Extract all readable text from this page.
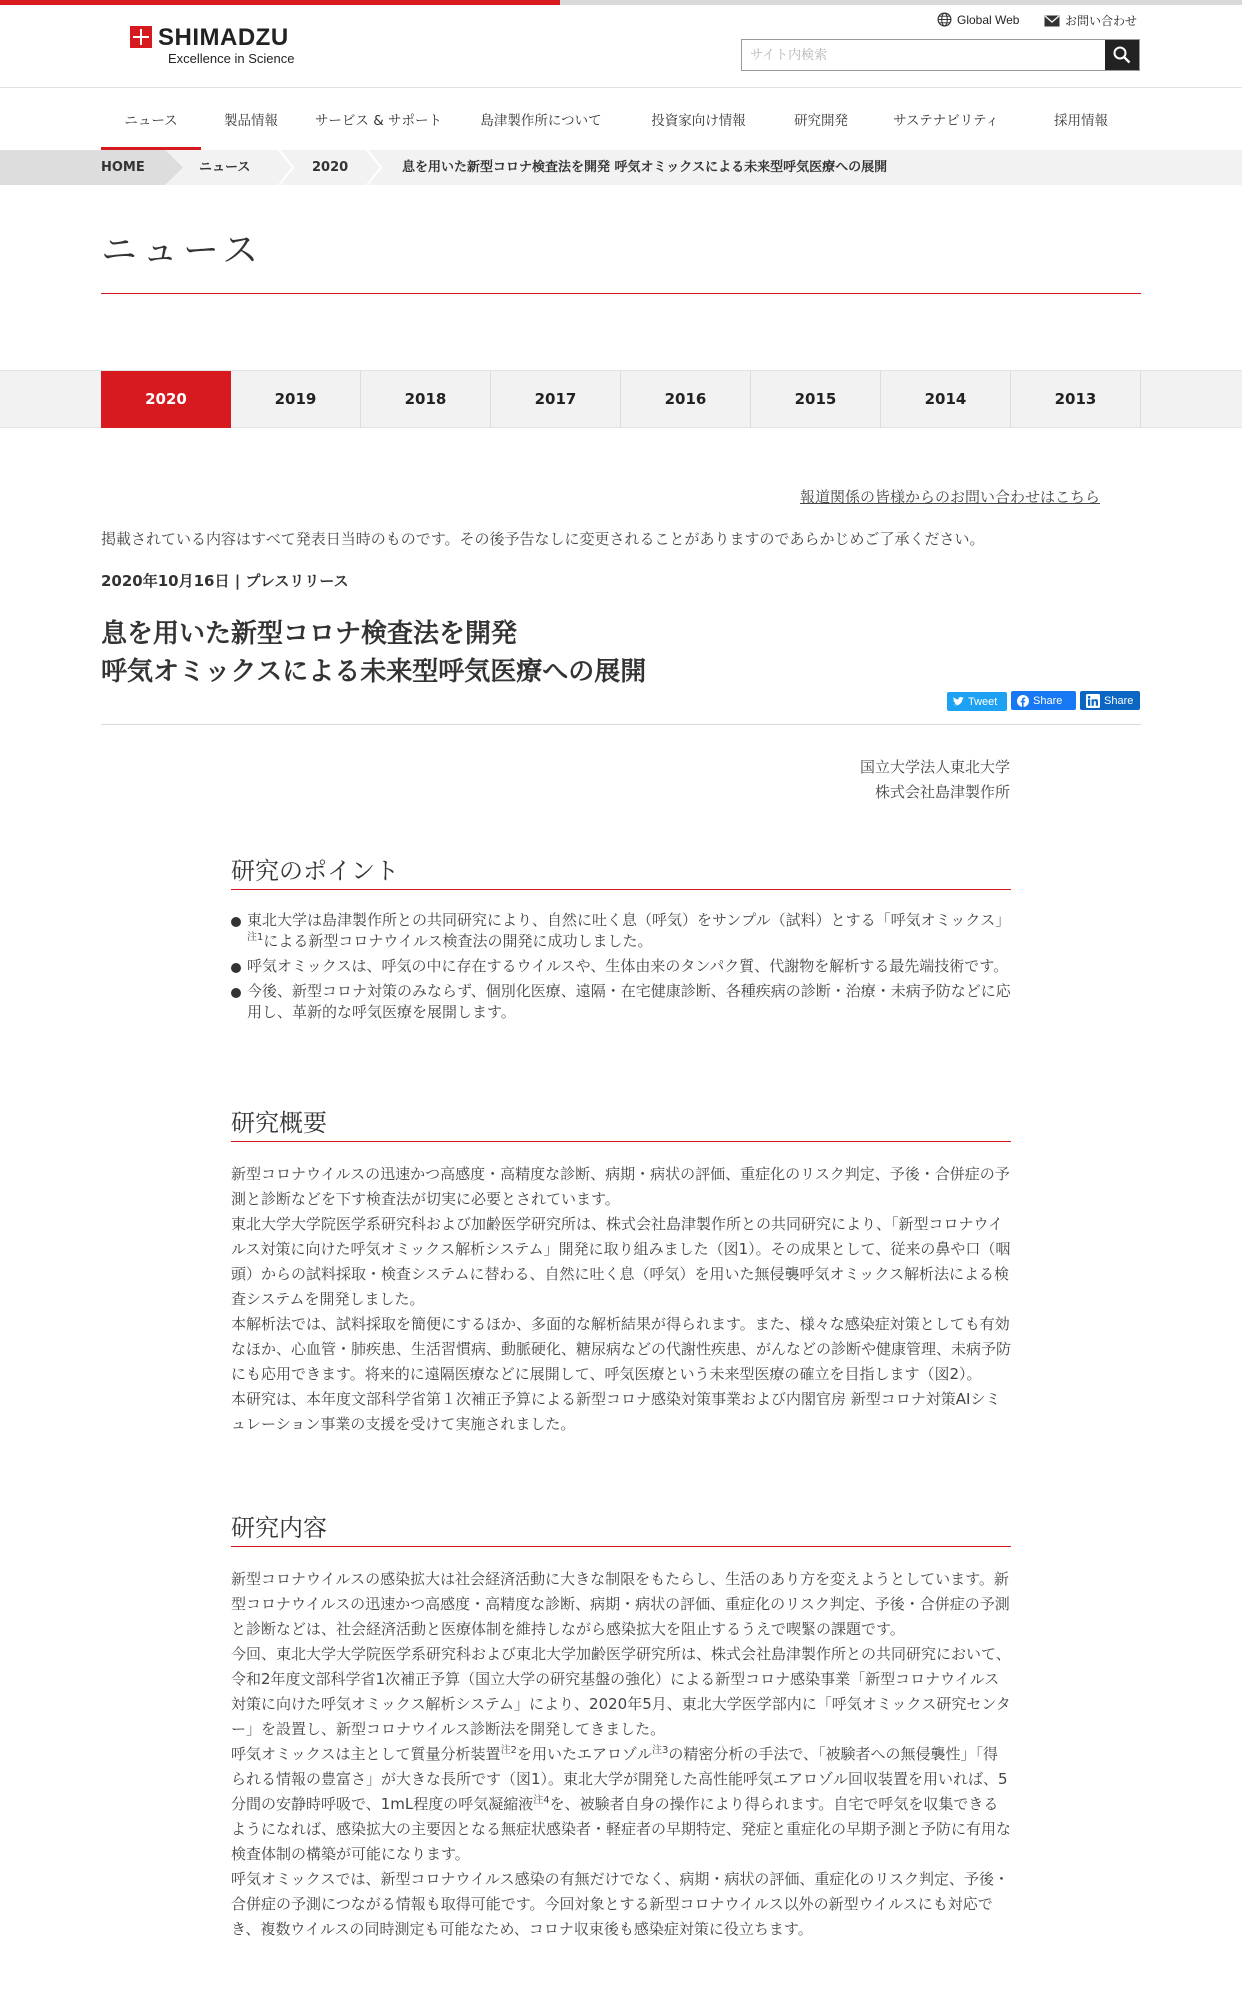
SHIMADZU
Excellence in Science
Global Web	お問い合わせ
サイト内検索
ニュース	製品情報	サービス & サポート	島津製作所について	投資家向け情報	研究開発	サステナビリティ	採用情報
HOME	ニュース	2020	息を用いた新型コロナ検査法を開発 呼気オミックスによる未来型呼気医療への展開
ニュース
2020	2019	2018	2017	2016	2015	2014	2013
報道関係の皆様からのお問い合わせはこちら
掲載されている内容はすべて発表日当時のものです。その後予告なしに変更されることがありますのであらかじめご了承ください。
2020年10月16日 | プレスリリース
息を用いた新型コロナ検査法を開発
呼気オミックスによる未来型呼気医療への展開
Tweet	Share	Share
国立大学法人東北大学
株式会社島津製作所
研究のポイント
東北大学は島津製作所との共同研究により、自然に吐く息（呼気）をサンプル（試料）とする「呼気オミックス」$^{注1}$による新型コロナウイルス検査法の開発に成功しました。
呼気オミックスは、呼気の中に存在するウイルスや、生体由来のタンパク質、代謝物を解析する最先端技術です。
今後、新型コロナ対策のみならず、個別化医療、遠隔・在宅健康診断、各種疾病の診断・治療・未病予防などに応用し、革新的な呼気医療を展開します。
研究概要

新型コロナウイルスの迅速かつ高感度・高精度な診断、病期・病状の評価、重症化のリスク判定、予後・合併症の予測と診断などを下す検査法が切実に必要とされています。

東北大学大学院医学系研究科および加齢医学研究所は、株式会社島津製作所との共同研究により、「新型コロナウイルス対策に向けた呼気オミックス解析システム」開発に取り組みました（図1）。その成果として、従来の鼻や口（咽頭）からの試料採取・検査システムに替わる、自然に吐く息（呼気）を用いた無侵襲呼気オミックス解析法による検査システムを開発しました。

本解析法では、試料採取を簡便にするほか、多面的な解析結果が得られます。また、様々な感染症対策としても有効なほか、心血管・肺疾患、生活習慣病、動脈硬化、糖尿病などの代謝性疾患、がんなどの診断や健康管理、未病予防にも応用できます。将来的に遠隔医療などに展開して、呼気医療という未来型医療の確立を目指します（図2）。

本研究は、本年度文部科学省第１次補正予算による新型コロナ感染対策事業および内閣官房 新型コロナ対策AIシミュレーション事業の支援を受けて実施されました。

研究内容

新型コロナウイルスの感染拡大は社会経済活動に大きな制限をもたらし、生活のあり方を変えようとしています。新型コロナウイルスの迅速かつ高感度・高精度な診断、病期・病状の評価、重症化のリスク判定、予後・合併症の予測と診断などは、社会経済活動と医療体制を維持しながら感染拡大を阻止するうえで喫緊の課題です。

今回、東北大学大学院医学系研究科および東北大学加齢医学研究所は、株式会社島津製作所との共同研究において、令和2年度文部科学省1次補正予算（国立大学の研究基盤の強化）による新型コロナ感染事業「新型コロナウイルス対策に向けた呼気オミックス解析システム」により、2020年5月、東北大学医学部内に「呼気オミックス研究センター」を設置し、新型コロナウイルス診断法を開発してきました。

呼気オミックスは主として質量分析装置$^{注2}$を用いたエアロゾル$^{注3}$の精密分析の手法で、「被験者への無侵襲性」「得られる情報の豊富さ」が大きな長所です（図1）。東北大学が開発した高性能呼気エアロゾル回収装置を用いれば、5分間の安静時呼吸で、1mL程度の呼気凝縮液$^{注4}$を、被験者自身の操作により得られます。自宅で呼気を収集できるようになれば、感染拡大の主要因となる無症状感染者・軽症者の早期特定、発症と重症化の早期予測と予防に有用な検査体制の構築が可能になります。

呼気オミックスでは、新型コロナウイルス感染の有無だけでなく、病期・病状の評価、重症化のリスク判定、予後・合併症の予測につながる情報も取得可能です。今回対象とする新型コロナウイルス以外の新型ウイルスにも対応でき、複数ウイルスの同時測定も可能なため、コロナ収束後も感染症対策に役立ちます。
